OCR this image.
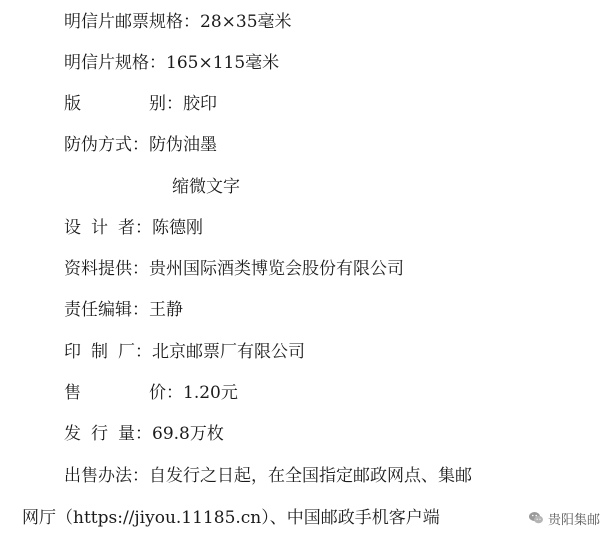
明信片邮票规格：28×35毫米
明信片规格：165×115毫米
版	别：胶印
防伪方式：防伪油墨
缩微文字
设 计 者：陈德刚
资料提供：贵州国际酒类博览会股份有限公司
责任编辑：王静
印 制 厂：北京邮票厂有限公司
售	价：1.20元
发 行 量：69.8万枚
出售办法：自发行之日起，在全国指定邮政网点、集邮
网厅（https://jiyou.11185.cn）、中国邮政手机客户端	贵阳集邮
